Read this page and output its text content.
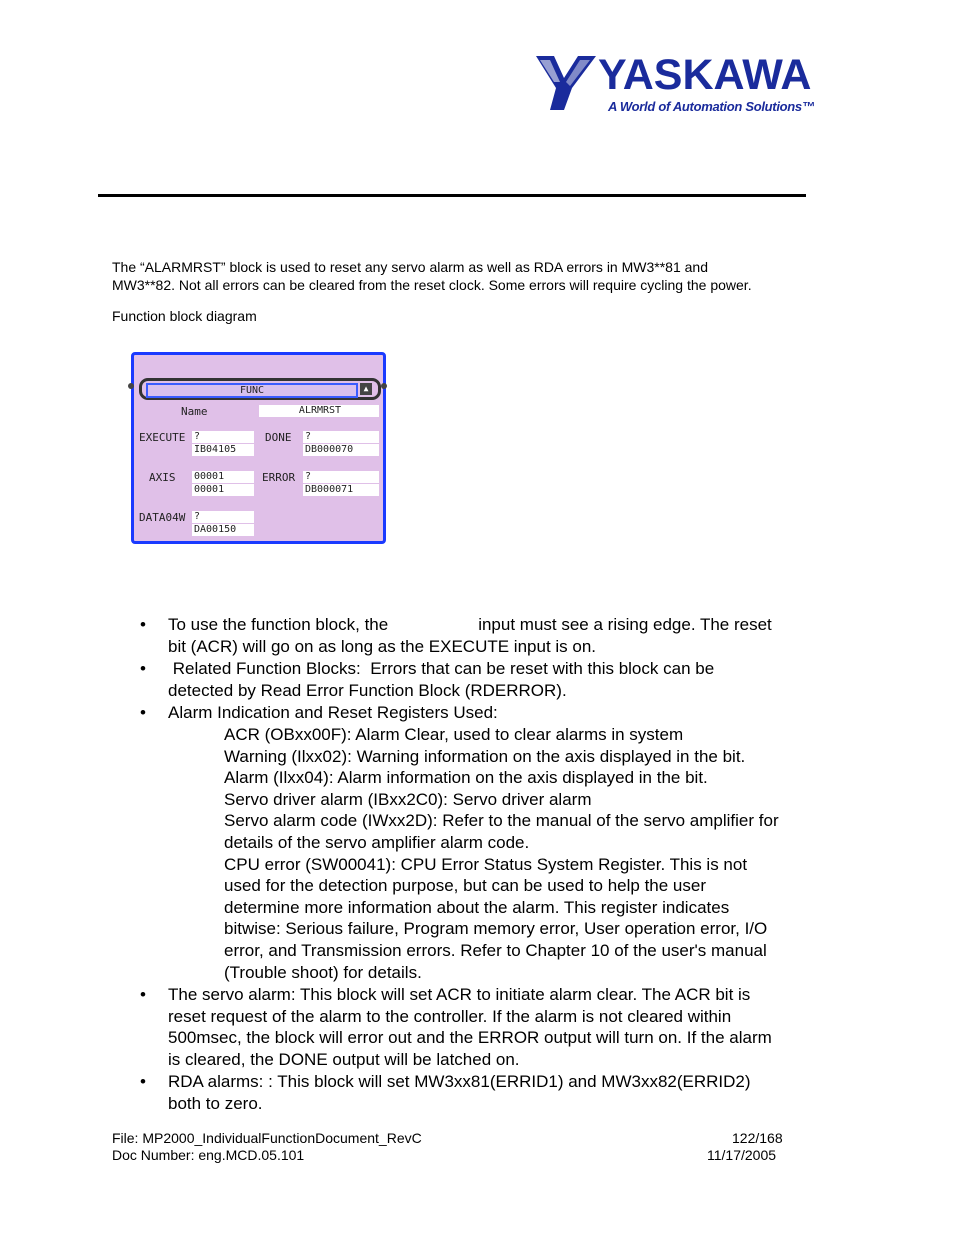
YASKAWA
A World of Automation Solutions™
The “ALARMRST” block is used to reset any servo alarm as well as RDA errors in MW3**81 and
MW3**82. Not all errors can be cleared from the reset clock. Some errors will require cycling the power.
Function block diagram
FUNC	▲
Name	ALRMRST
EXECUTE ?
IB04105
DONE ?
DB000070
AXIS 00001
00001
ERROR ?
DB000071
DATA04W ?
DA00150
• To use the function block, the	input must see a rising edge. The reset
bit (ACR) will go on as long as the EXECUTE input is on.
• Related Function Blocks:  Errors that can be reset with this block can be
detected by Read Error Function Block (RDERROR).
• Alarm Indication and Reset Registers Used:
ACR (OBxx00F): Alarm Clear, used to clear alarms in system
Warning (Ilxx02): Warning information on the axis displayed in the bit.
Alarm (Ilxx04): Alarm information on the axis displayed in the bit.
Servo driver alarm (IBxx2C0): Servo driver alarm
Servo alarm code (IWxx2D): Refer to the manual of the servo amplifier for
details of the servo amplifier alarm code.
CPU error (SW00041): CPU Error Status System Register. This is not
used for the detection purpose, but can be used to help the user
determine more information about the alarm. This register indicates
bitwise: Serious failure, Program memory error, User operation error, I/O
error, and Transmission errors. Refer to Chapter 10 of the user's manual
(Trouble shoot) for details.
• The servo alarm: This block will set ACR to initiate alarm clear. The ACR bit is
reset request of the alarm to the controller. If the alarm is not cleared within
500msec, the block will error out and the ERROR output will turn on. If the alarm
is cleared, the DONE output will be latched on.
• RDA alarms: : This block will set MW3xx81(ERRID1) and MW3xx82(ERRID2)
both to zero.
File: MP2000_IndividualFunctionDocument_RevC
Doc Number: eng.MCD.05.101
122/168
11/17/2005
